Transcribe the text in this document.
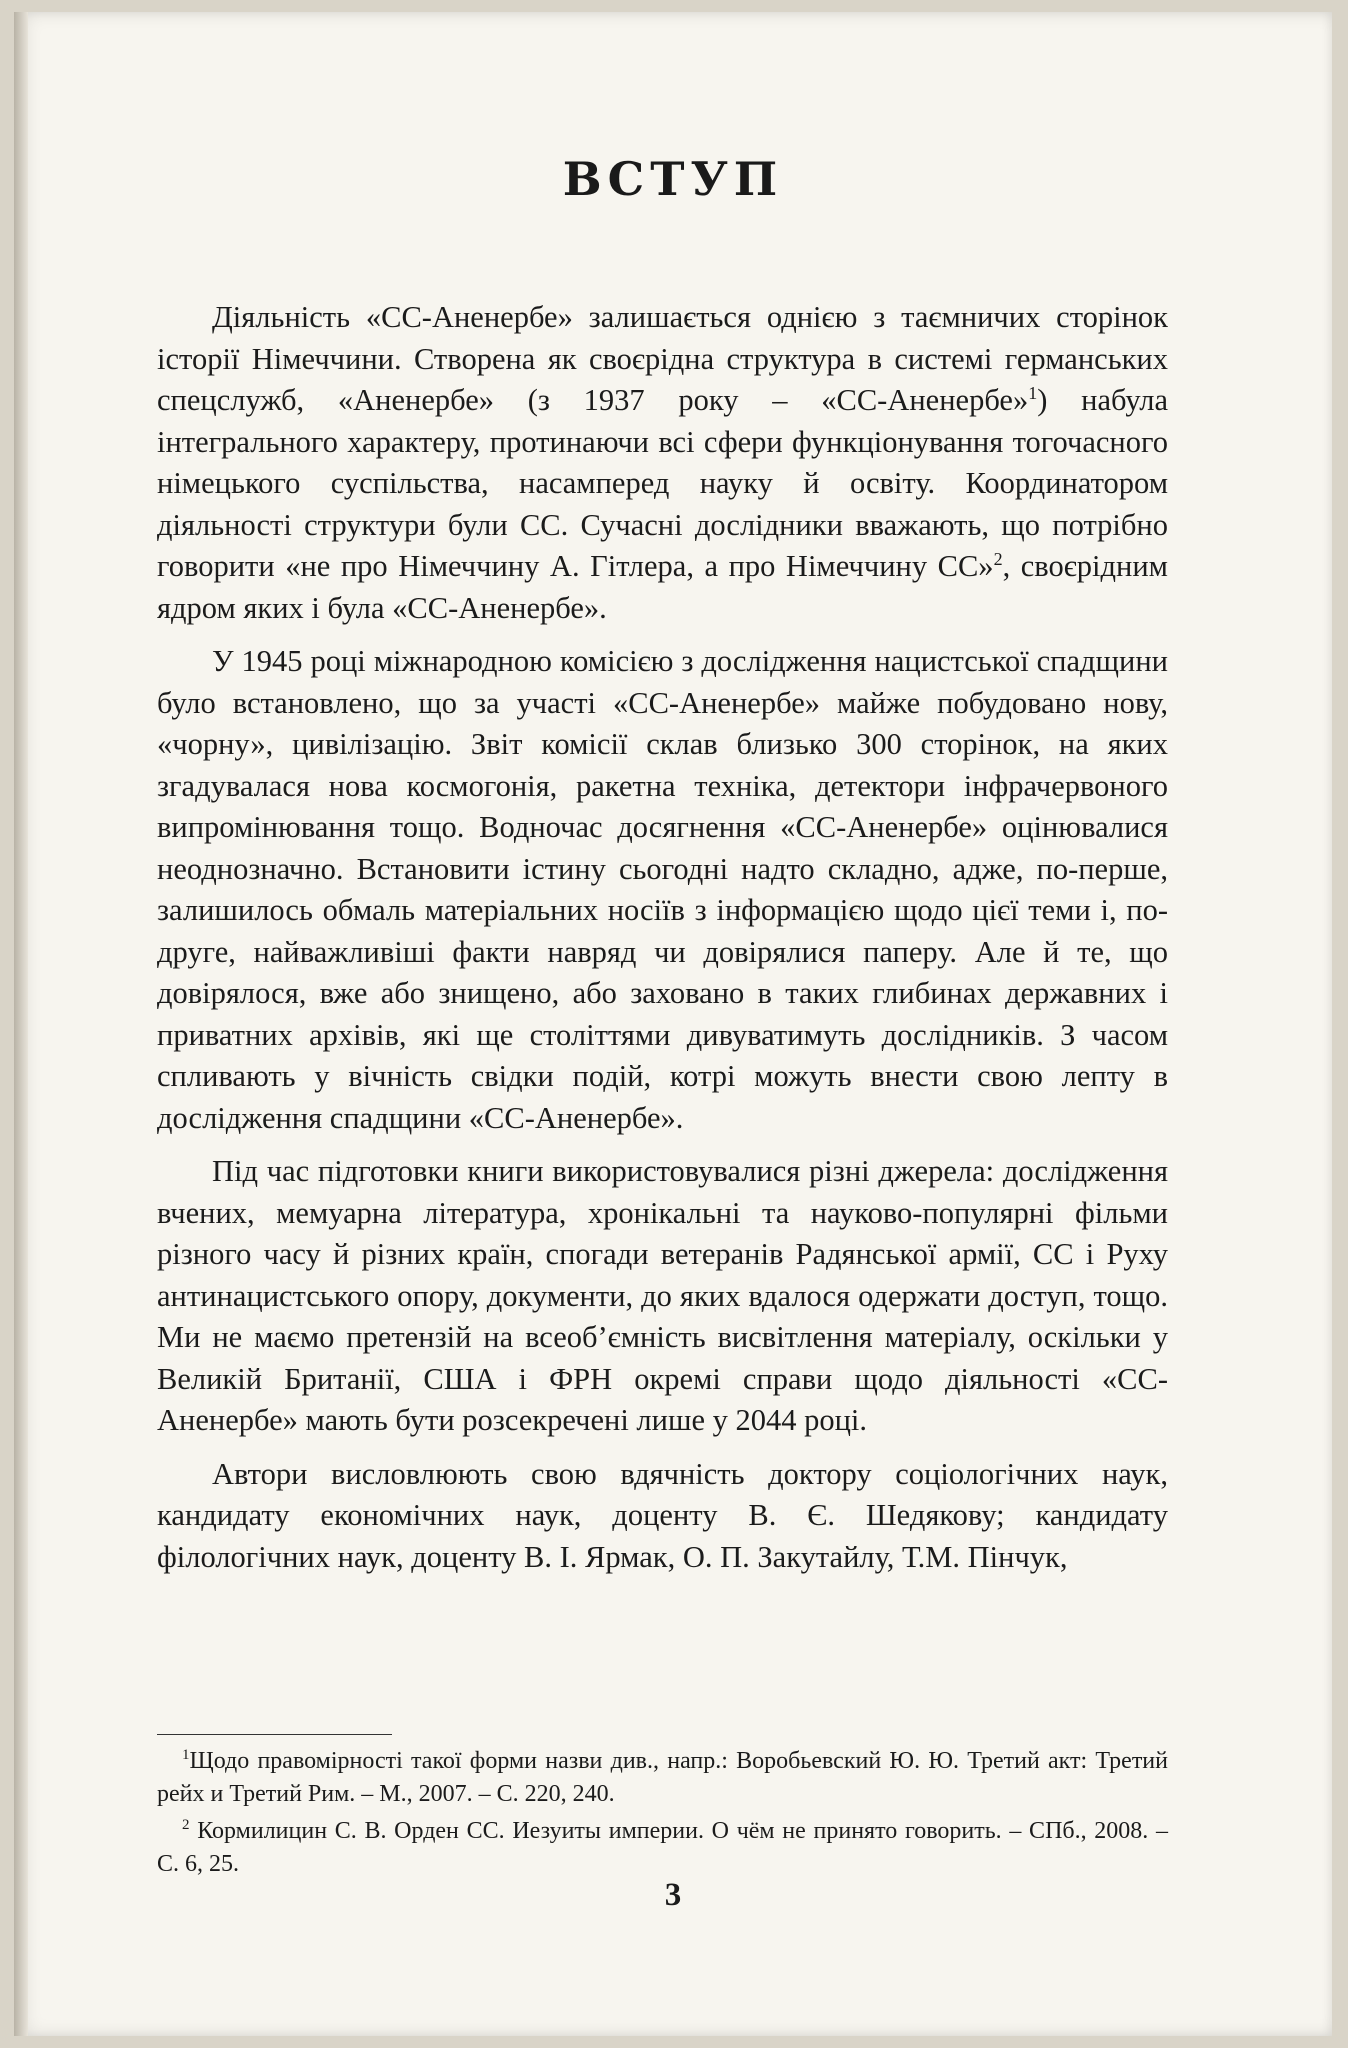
ВСТУП

Діяльність «СС-Аненербе» залишається однією з таємничих сторінок історії Німеччини. Створена як своєрідна структура в системі германських спецслужб, «Аненербе» (з 1937 року – «СС-Аненербе»$^1$) набула інтегрального характеру, протинаючи всі сфери функціонування тогочасного німецького суспільства, насамперед науку й освіту. Координатором діяльності структури були СС. Сучасні дослідники вважають, що потрібно говорити «не про Німеччину А. Гітлера, а про Німеччину СС»$^2$, своєрідним ядром яких і була «СС-Аненербе».

У 1945 році міжнародною комісією з дослідження нацистської спадщини було встановлено, що за участі «СС-Аненербе» майже побудовано нову, «чорну», цивілізацію. Звіт комісії склав близько 300 сторінок, на яких згадувалася нова космогонія, ракетна техніка, детектори інфрачервоного випромінювання тощо. Водночас досягнення «СС-Аненербе» оцінювалися неоднозначно. Встановити істину сьогодні надто складно, адже, по-перше, залишилось обмаль матеріальних носіїв з інформацією щодо цієї теми і, по-друге, найважливіші факти навряд чи довірялися паперу. Але й те, що довірялося, вже або знищено, або заховано в таких глибинах державних і приватних архівів, які ще століттями дивуватимуть дослідників. З часом спливають у вічність свідки подій, котрі можуть внести свою лепту в дослідження спадщини «СС-Аненербе».

Під час підготовки книги використовувалися різні джерела: дослідження вчених, мемуарна література, хронікальні та науково-популярні фільми різного часу й різних країн, спогади ветеранів Радянської армії, СС і Руху антинацистського опору, документи, до яких вдалося одержати доступ, тощо. Ми не маємо претензій на всеоб’ємність висвітлення матеріалу, оскільки у Великій Британії, США і ФРН окремі справи щодо діяльності «СС-Аненербе» мають бути розсекречені лише у 2044 році.

Автори висловлюють свою вдячність доктору соціологічних наук, кандидату економічних наук, доценту В. Є. Шедякову; кандидату філологічних наук, доценту В. І. Ярмак, О. П. Закутайлу, Т.М. Пінчук,

$^1$Щодо правомірності такої форми назви див., напр.: Воробьевский Ю. Ю. Третий акт: Третий рейх и Третий Рим. – М., 2007. – С. 220, 240.

$^2$ Кормилицин С. В. Орден СС. Иезуиты империи. О чём не принято говорить. – СПб., 2008. – С. 6, 25.

3
